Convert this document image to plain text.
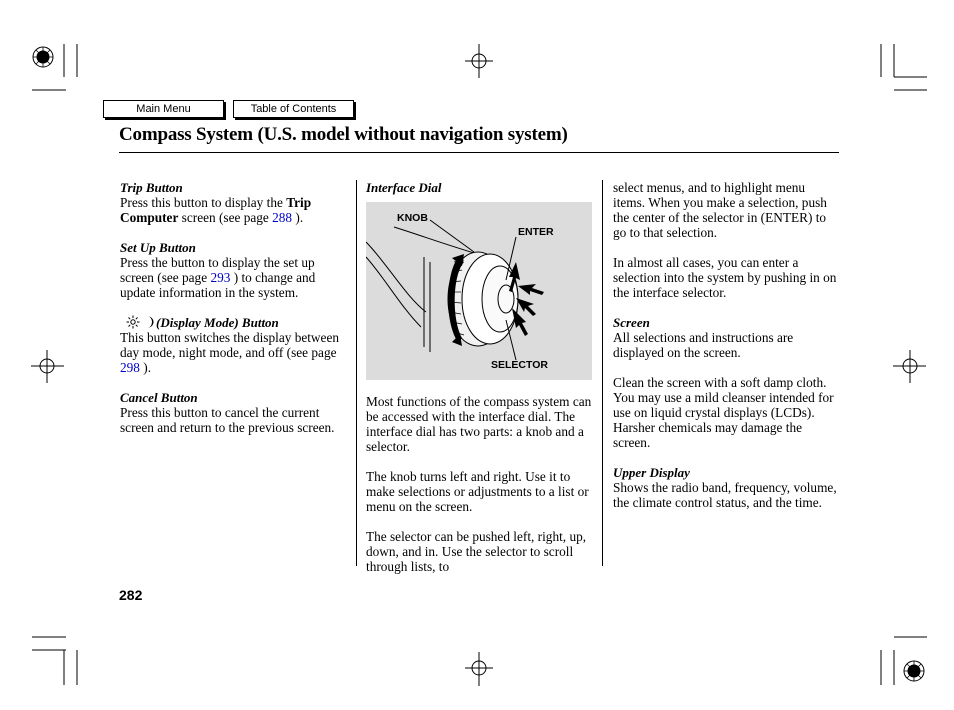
Main Menu	Table of Contents
Compass System (U.S. model without navigation system)
Trip Button
Press this button to display the Trip Computer screen (see page 288 ).
Set Up Button
Press the button to display the set up screen (see page 293 ) to change and update information in the system.
(Display Mode) Button
This button switches the display between day mode, night mode, and off (see page 298 ).
Cancel Button
Press this button to cancel the current screen and return to the previous screen.
Interface Dial
KNOB
ENTER
SELECTOR
Most functions of the compass system can be accessed with the interface dial. The interface dial has two parts: a knob and a selector.
The knob turns left and right. Use it to make selections or adjustments to a list or menu on the screen.
The selector can be pushed left, right, up, down, and in. Use the selector to scroll through lists, to
select menus, and to highlight menu items. When you make a selection, push the center of the selector in (ENTER) to go to that selection.
In almost all cases, you can enter a selection into the system by pushing in on the interface selector.
Screen
All selections and instructions are displayed on the screen.
Clean the screen with a soft damp cloth. You may use a mild cleanser intended for use on liquid crystal displays (LCDs). Harsher chemicals may damage the screen.
Upper Display
Shows the radio band, frequency, volume, the climate control status, and the time.
282
